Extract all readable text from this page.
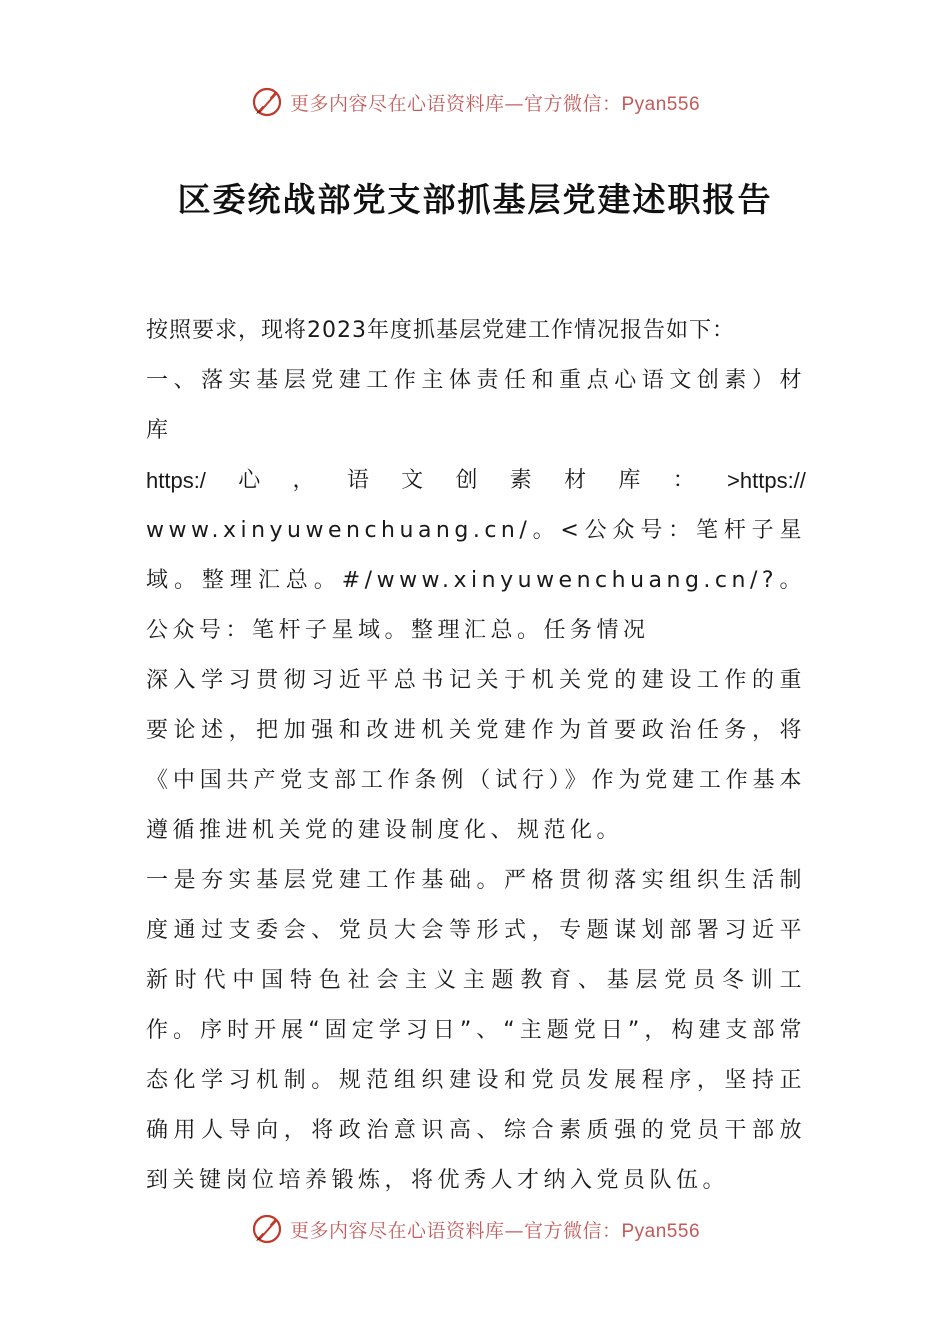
更多内容尽在心语资料库—官方微信：Pyan556
区委统战部党支部抓基层党建述职报告

按照要求，现将2023年度抓基层党建工作情况报告如下：

一、落实基层党建工作主体责任和重点心语文创素）材库

https:/ 心 ， 语 文 创 素 材 库 ： >https://

www.xinyuwenchuang.cn/。<公众号：笔杆子星域。整理汇总。#/www.xinyuwenchuang.cn/?。公众号：笔杆子星域。整理汇总。任务情况

深入学习贯彻习近平总书记关于机关党的建设工作的重要论述，把加强和改进机关党建作为首要政治任务，将《中国共产党支部工作条例（试行）》作为党建工作基本遵循推进机关党的建设制度化、规范化。

一是夯实基层党建工作基础。严格贯彻落实组织生活制度通过支委会、党员大会等形式，专题谋划部署习近平新时代中国特色社会主义主题教育、基层党员冬训工作。序时开展“固定学习日”、“主题党日”，构建支部常态化学习机制。规范组织建设和党员发展程序，坚持正确用人导向，将政治意识高、综合素质强的党员干部放到关键岗位培养锻炼，将优秀人才纳入党员队伍。

更多内容尽在心语资料库—官方微信：Pyan556
